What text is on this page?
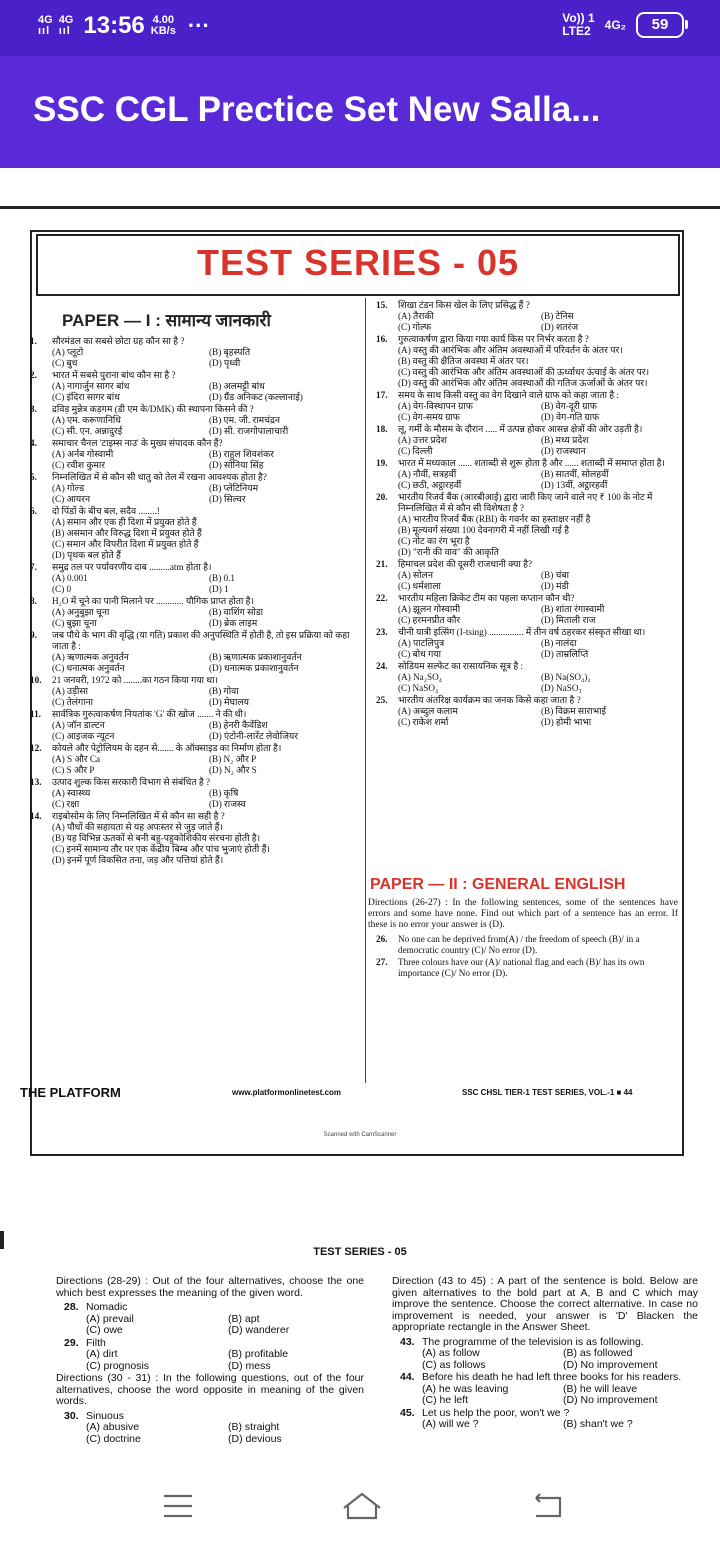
4G
ııl
4G
ııl 13:56 4.00
KB/s ···	Vo)) 1
LTE2	4G₂	59
SSC CGL Prectice Set New Salla...
TEST SERIES - 05
PAPER — I : सामान्य जानकारी
1.	सौरमंडल का सबसे छोटा ग्रह कौन सा है ?
(A) प्लूटो	(B) बृहस्पति
(C) बुध	(D) पृथ्वी
2.	भारत में सबसे पुराना बांध कौन सा है ?
(A) नागार्जुन सागर बांध	(B) अलमट्टी बांध
(C) इंदिरा सागर बांध	(D) ग्रैंड अनिकट (कल्लानाई)
3.	द्रविड़ मुन्नेत्र कड़गम (डी एम के/DMK) की स्थापना किसने की ?
(A) एम. करूणानिधि	(B) एम. जी. रामचंद्रन
(C) सी. एन. अन्नादुरई	(D) सी. राजगोपालाचारी
4.	समाचार चैनल 'टाइम्स नाउ' के मुख्य संपादक कौन हैं?
(A) अर्नब गोस्वामी	(B) राहुल शिवशंकर
(C) रवीश कुमार	(D) सोनिया सिंह
5.	निम्नलिखित में से कौन सी धातु को तेल में रखना आवश्यक होता है?
(A) गोल्ड	(B) प्लेटिनियम
(C) आयरन	(D) सिल्वर
6.	दो पिंडों के बीच बल, सदैव ........!
(A) समान और एक ही दिशा में प्रयुक्त होते हैं
(B) असमान और विरुद्ध दिशा में प्रयुक्त होते हैं
(C) समान और विपरीत दिशा में प्रयुक्त होते हैं
(D) पृथक बल होते हैं
7.	समुद्र तल पर पर्यावरणीय दाब .........atm होता है।
(A) 0.001	(B) 0.1
(C) 0	(D) 1
8.	H₂O में चूने का पानी मिलाने पर ............ यौगिक प्राप्त होता है।
(A) अनुबुझा चूना	(B) वाशिंग सोडा
(C) बुझा चूना	(D) ब्रेक लाइम
9.	जब पौधे के भाग की वृद्धि (या गति) प्रकाश की अनुपस्थिति में होती है, तो इस प्रक्रिया को कहा जाता है :
(A) ऋणात्मक अनुवर्तन	(B) ऋणात्मक प्रकाशानुवर्तन
(C) धनात्मक अनुवर्तन	(D) धनात्मक प्रकाशानुवर्तन
10.	21 जनवरी, 1972 को ........का गठन किया गया था।
(A) उड़ीसा	(B) गोवा
(C) तेलंगाना	(D) मेघालय
11.	सार्वत्रिक गुरुत्वाकर्षण नियतांक 'G' की खोज ....... ने की थी।
(A) जॉन डाल्टन	(B) हेनरी कैवेंडिश
(C) आइजक न्यूटन	(D) एंटोनी-लारेंट लेवोजियर
12.	कोयले और पेट्रोलियम के दहन से....... के ऑक्साइड का निर्माण होता है।
(A) S और Ca	(B) N₂ और P
(C) S और P	(D) N₂ और S
13.	उत्पाद शुल्क किस सरकारी विभाग से संबंधित है ?
(A) स्वास्थ्य	(B) कृषि
(C) रक्षा	(D) राजस्व
14.	राइबोसोम के लिए निम्नलिखित में से कौन सा सही है ?
(A) पौधों की सहायता से यह अपःस्तर से जुड़ जाते हैं।
(B) यह विभिन्न ऊतकों से बनी बहु-पहुकोशिकीय संरचना होती है।
(C) इनमें सामान्य तौर पर एक केंद्रीय बिम्ब और पांच भुजाएं होती हैं।
(D) इनमें पूर्ण विकसित तना, जड़ और पत्तियां होते हैं।
15.	शिखा टंडन किस खेल के लिए प्रसिद्ध हैं ?
(A) तैराकी	(B) टेनिस
(C) गोल्फ	(D) शतरंज
16.	गुरुत्वाकर्षण द्वारा किया गया कार्य किस पर निर्भर करता है ?
(A) वस्तु की आरंभिक और अंतिम अवस्थाओं में परिवर्तन के अंतर पर।
(B) वस्तु की क्षैतिज अवस्था में अंतर पर।
(C) वस्तु की आरंभिक और अंतिम अवस्थाओं की ऊर्ध्वाधर ऊंचाई के अंतर पर।
(D) वस्तु की आरंभिक और अंतिम अवस्थाओं की गतिज ऊर्जाओं के अंतर पर।
17.	समय के साथ किसी वस्तु का वेग दिखाने वाले ग्राफ को कहा जाता है :
(A) वेग-विस्थापन ग्राफ	(B) वेग-दूरी ग्राफ
(C) वेग-समय ग्राफ	(D) वेग-गति ग्राफ
18.	लू, गर्मी के मौसम के दौरान ..... में उत्पन्न होकर आसन्न क्षेत्रों की ओर उड़ती है।
(A) उत्तर प्रदेश	(B) मध्य प्रदेश
(C) दिल्ली	(D) राजस्थान
19.	भारत में मध्यकाल ...... शताब्दी से शुरू होता है और ...... शताब्दी में समाप्त होता है।
(A) नौवीं, सत्रहवीं	(B) सातवीं, सोलहवीं
(C) छठी, अट्ठारहवीं	(D) 13वीं, अट्ठारहवीं
20.	भारतीय रिजर्व बैंक (आरबीआई) द्वारा जारी किए जाने वाले नए ₹ 100 के नोट में निम्नलिखित में से कौन सी विशेषता है ?
(A) भारतीय रिजर्व बैंक (RBI) के गवर्नर का हस्ताक्षर नहीं है
(B) मूल्यवर्ग संख्या 100 देवनागरी में नहीं लिखी गई है
(C) नोट का रंग भूरा है
(D) "रानी की वाव" की आकृति
21.	हिमाचल प्रदेश की दूसरी राजधानी क्या है?
(A) सोलन	(B) चंबा
(C) धर्मशाला	(D) मंडी
22.	भारतीय महिला क्रिकेट टीम का पहला कप्तान कौन थी?
(A) झूलन गोस्वामी	(B) शांता रंगास्वामी
(C) हरमनप्रीत कौर	(D) मिताली राज
23.	चीनी यात्री इत्सिंग (I-tsing) ............... में तीन वर्ष ठहरकर संस्कृत सीखा था।
(A) पाटलिपुत्र	(B) नालंदा
(C) बोध गया	(D) ताम्रलिप्ति
24.	सोडियम सल्फेट का रासायनिक सूत्र है :
(A) Na₂SO₄	(B) Na(SO₄)₂
(C) NaSO₄	(D) NaSO₃
25.	भारतीय अंतरिक्ष कार्यक्रम का जनक किसे कहा जाता है ?
(A) अब्दुल कलाम	(B) विक्रम साराभाई
(C) राकेश शर्मा	(D) होमी भाभा
PAPER — II : GENERAL ENGLISH
Directions (26-27) : In the following sentences, some of the sentences have errors and some have none. Find out which part of a sentence has an error. If these is no error your answer is (D).
26.	No one can be deprived from(A) / the freedom of speech (B)/ in a democratic country (C)/ No error (D).
27.	Three colours have our (A)/ national flag and each (B)/ has its own importance (C)/ No error (D).
THE PLATFORM	www.platformonlinetest.com	SSC CHSL TIER-1 TEST SERIES, VOL.-1 ■ 44
Scanned with CamScanner
TEST SERIES - 05
Directions (28-29) : Out of the four alternatives, choose the one which best expresses the meaning of the given word.
28. Nomadic
(A) prevail	(B) apt
(C) owe	(D) wanderer
29. Filth
(A) dirt	(B) profitable
(C) prognosis	(D) mess
Directions (30 - 31) : In the following questions, out of the four alternatives, choose the word opposite in meaning of the given words.
30. Sinuous
(A) abusive	(B) straight
(C) doctrine	(D) devious
Direction (43 to 45) : A part of the sentence is bold. Below are given alternatives to the bold part at A, B and C which may improve the sentence. Choose the correct alternative. In case no improvement is needed, your answer is 'D' Blacken the appropriate rectangle in the Answer Sheet.
43. The programme of the television is as following.
(A) as follow	(B) as followed
(C) as follows	(D) No improvement
44. Before his death he had left three books for his readers.
(A) he was leaving	(B) he will leave
(C) he left	(D) No improvement
45. Let us help the poor, won't we ?
(A) will we ?	(B) shan't we ?
